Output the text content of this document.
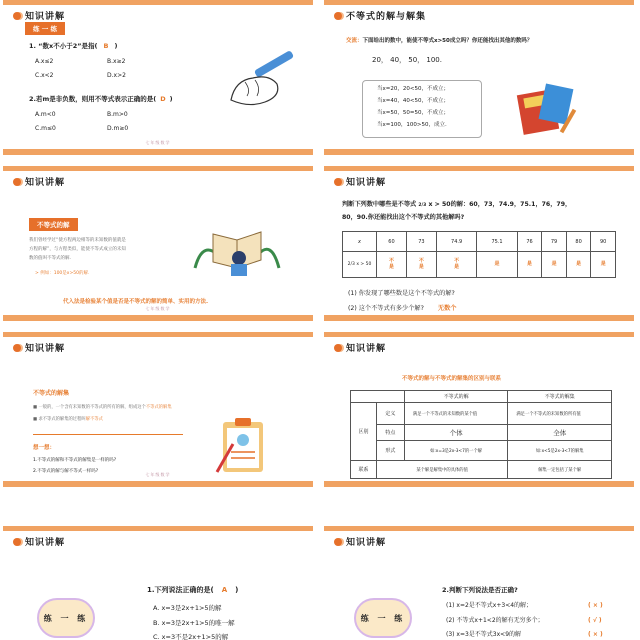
知识讲解
练 一 练
1. “数x不小于2”是指( B )
A.x≤2	B.x≥2
C.x<2	D.x>2
2.若m是非负数，则用不等式表示正确的是( D )
A.m<0	B.m>0
C.m≤0	D.m≥0
七年级数学
不等式的解与解集
交流：下面给出的数中，能使不等式x>50成立吗？你还能找出其他的数吗？
20， 40， 50， 100.
当x=20，20<50，不成立；
当x=40，40<50，不成立；
当x=50，50=50，不成立；
当x=100，100>50，成立.
知识讲解
不等式的解
我们曾经学过“使方程两边相等的未知数的值就是
方程的解”，与方程类似，能使不等式成立的未知
数的值叫不等式的解.
> 例如：100是x>50的解.
代入法是检验某个值是否是不等式的解的简单、实用的方法.
七年级数学
知识讲解
判断下列数中哪些是不等式 2/3 x > 50的解：60，73，74.9，75.1，76，79，
80，90.你还能找出这个不等式的其他解吗?
x	60	73	74.9	75.1	76	79	80	90
2/3 x > 50	不是	不是	不是	是	是	是	是	是
(1) 你发现了哪些数是这个不等式的解?
(2) 这个不等式有多少个解? 无数个
知识讲解
不等式的解集
■ 一般的，一个含有未知数的不等式的所有的解，组成这个不等式的解集
■ 求不等式的解集的过程叫解不等式
想一想：
1.不等式的解和不等式的解集是一样的吗?
2.不等式的解与解不等式一样吗?
七年级数学
知识讲解
不等式的解与不等式的解集的区别与联系
		不等式的解	不等式的解集
区别	定义	满足一个不等式的未知数的某个值	满足一个不等式的未知数的所有值
	特点	个体	全体
	形式	如:x=3是2x-3<7的一个解	如:x<5是2x-3<7的解集
联系	某个解是解集中的具体的值		解集一定包括了某个解
知识讲解
练 一 练
1.下列说法正确的是( A )
A. x=3是2x+1>5的解
B. x=3是2x+1>5的唯一解
C. x=3不是2x+1>5的解
知识讲解
练 一 练
2.判断下列说法是否正确?
(1) x=2是不等式x+3<4的解；	( × )
(2) 不等式x+1<2的解有无穷多个；	( √ )
(3) x=3是不等式3x<9的解	( × )
